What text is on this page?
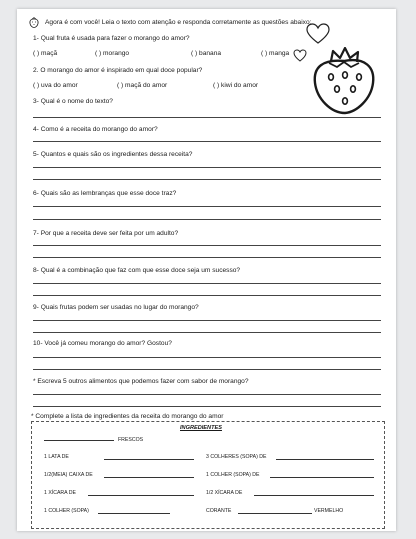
Agora é com você! Leia o texto com atenção e responda corretamente as questões abaixo:
1- Qual fruta é usada para fazer o morango do amor?
( ) maçã	( ) morango	( ) banana	( ) manga
2. O morango do amor é inspirado em qual doce popular?
( ) uva do amor	( ) maçã do amor	( ) kiwi do amor
3- Qual é o nome do texto?
4- Como é a receita do morango do amor?
5- Quantos e quais são os ingredientes dessa receita?
6- Quais são as lembranças que esse doce traz?
7- Por que a receita deve ser feita por um adulto?
8- Qual é a combinação que faz com que esse doce seja um sucesso?
9- Quais frutas podem ser usadas no lugar do morango?
10- Você já comeu morango do amor? Gostou?
* Escreva 5 outros alimentos que podemos fazer com sabor de morango?
* Complete a lista de ingredientes da receita do morango do amor
INGREDIENTES
FRESCOS
1 LATA DE	3 COLHERES (SOPA) DE
1/2(MEIA) CAIXA DE	1 COLHER (SOPA) DE
1 XÍCARA DE	1/2 XÍCARA DE
1 COLHER (SOPA)	CORANTE	VERMELHO
